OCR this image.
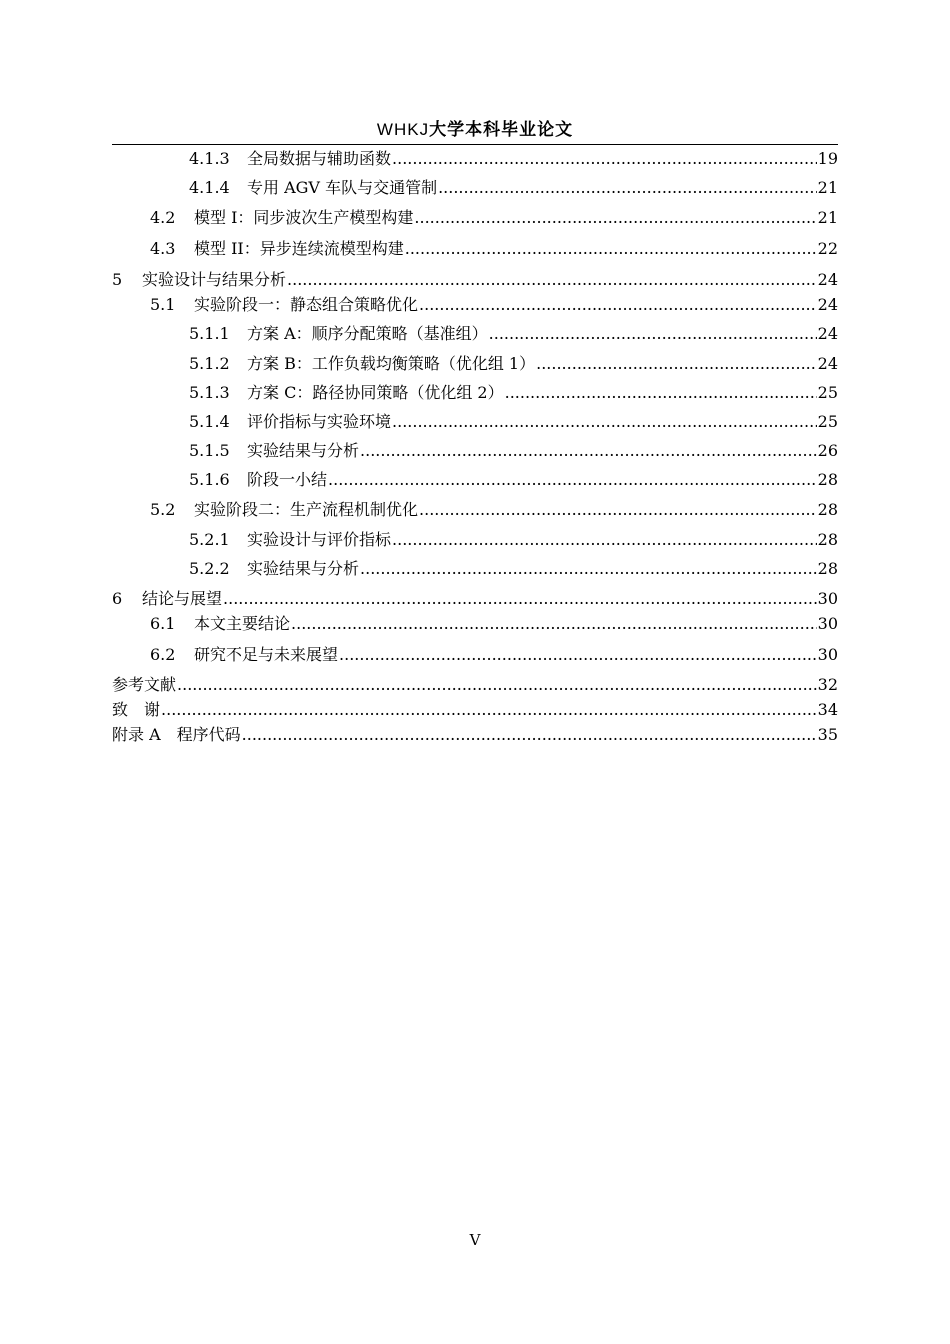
WHKJ大学本科毕业论文
4.1.3	全局数据与辅助函数 .....	19
4.1.4	专用 AGV 车队与交通管制 .....	21
4.2	模型 I：同步波次生产模型构建 .....	21
4.3	模型 II：异步连续流模型构建 .....	22
5	实验设计与结果分析 .....	24
5.1	实验阶段一：静态组合策略优化 .....	24
5.1.1	方案 A：顺序分配策略（基准组） .....	24
5.1.2	方案 B：工作负载均衡策略（优化组 1） .....	24
5.1.3	方案 C：路径协同策略（优化组 2） .....	25
5.1.4	评价指标与实验环境 .....	25
5.1.5	实验结果与分析 .....	26
5.1.6	阶段一小结 .....	28
5.2	实验阶段二：生产流程机制优化 .....	28
5.2.1	实验设计与评价指标 .....	28
5.2.2	实验结果与分析 .....	28
6	结论与展望 .....	30
6.1	本文主要结论 .....	30
6.2	研究不足与未来展望 .....	30
参考文献 .....	32
致　谢 .....	34
附录 A　程序代码 .....	35
V
